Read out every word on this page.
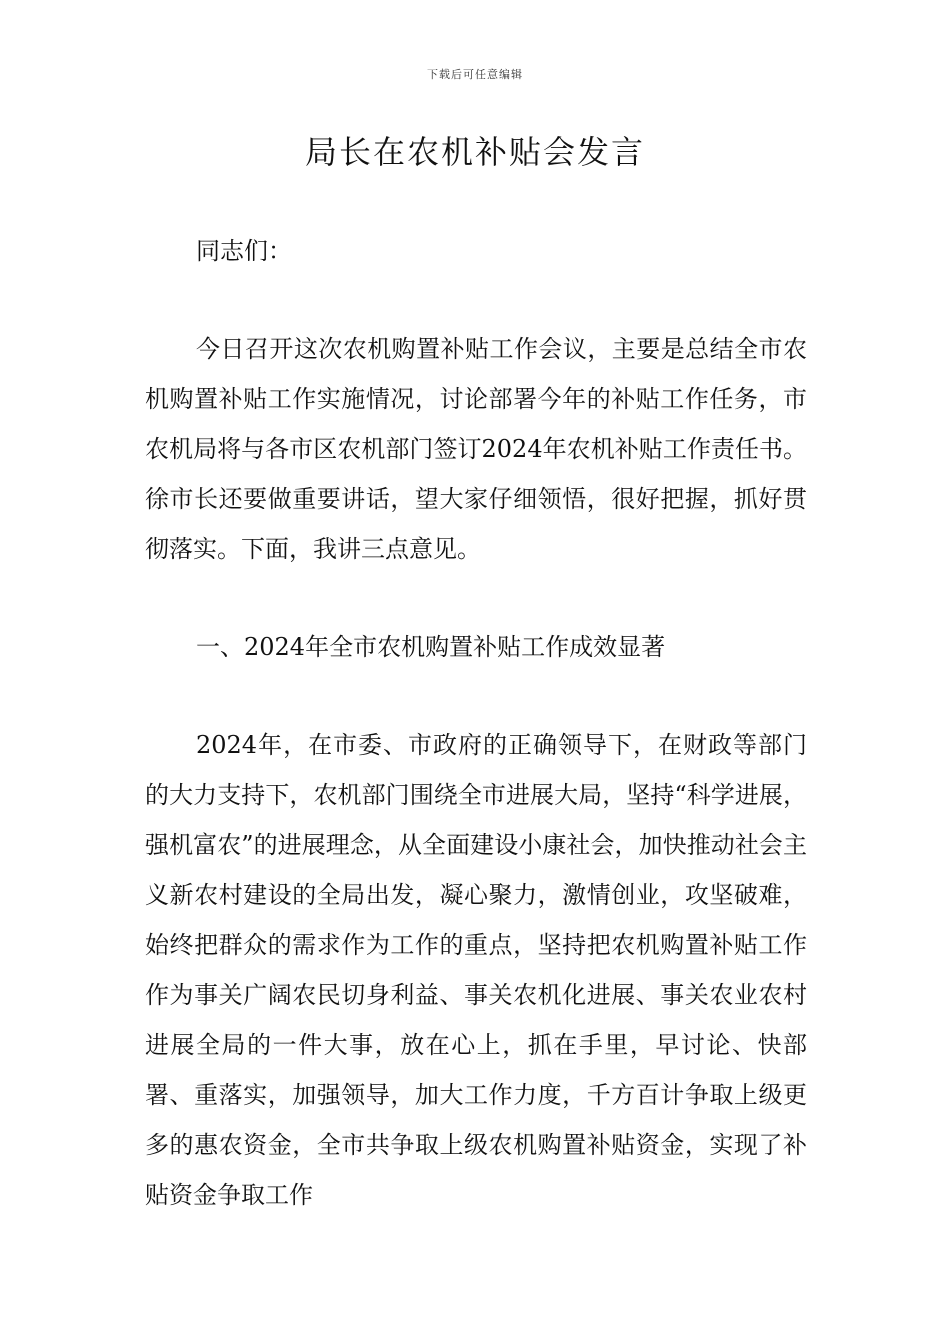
下载后可任意编辑
局长在农机补贴会发言

同志们：

今日召开这次农机购置补贴工作会议，主要是总结全市农机购置补贴工作实施情况，讨论部署今年的补贴工作任务，市农机局将与各市区农机部门签订2024年农机补贴工作责任书。徐市长还要做重要讲话，望大家仔细领悟，很好把握，抓好贯彻落实。下面，我讲三点意见。

一、2024年全市农机购置补贴工作成效显著

2024年，在市委、市政府的正确领导下，在财政等部门的大力支持下，农机部门围绕全市进展大局，坚持“科学进展，强机富农”的进展理念，从全面建设小康社会，加快推动社会主义新农村建设的全局出发，凝心聚力，激情创业，攻坚破难，始终把群众的需求作为工作的重点，坚持把农机购置补贴工作作为事关广阔农民切身利益、事关农机化进展、事关农业农村进展全局的一件大事，放在心上，抓在手里，早讨论、快部署、重落实，加强领导，加大工作力度，千方百计争取上级更多的惠农资金，全市共争取上级农机购置补贴资金，实现了补贴资金争取工作
